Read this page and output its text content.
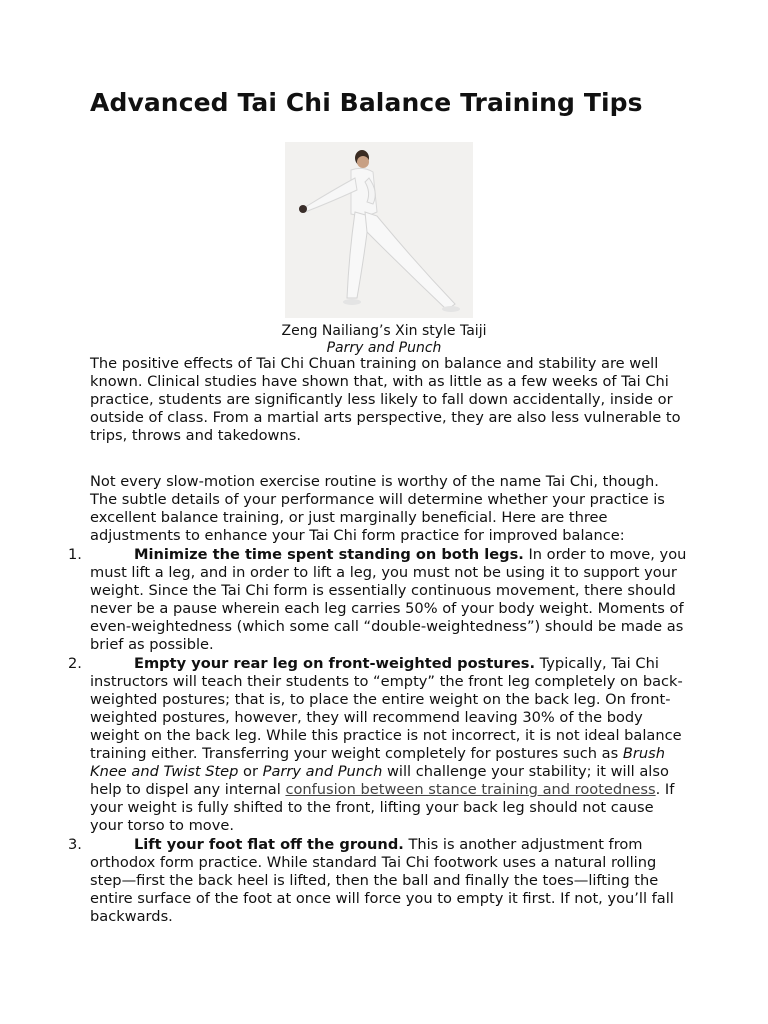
Advanced Tai Chi Balance Training Tips
Zeng Nailiang’s Xin style Taiji
Parry and Punch
The positive effects of Tai Chi Chuan training on balance and stability are well known. Clinical studies have shown that, with as little as a few weeks of Tai Chi practice, students are significantly less likely to fall down accidentally, inside or outside of class. From a martial arts perspective, they are also less vulnerable to trips, throws and takedowns.
Not every slow-motion exercise routine is worthy of the name Tai Chi, though. The subtle details of your performance will determine whether your practice is excellent balance training, or just marginally beneficial. Here are three adjustments to enhance your Tai Chi form practice for improved balance:
1.	Minimize the time spent standing on both legs. In order to move, you must lift a leg, and in order to lift a leg, you must not be using it to support your weight. Since the Tai Chi form is essentially continuous movement, there should never be a pause wherein each leg carries 50% of your body weight. Moments of even-weightedness (which some call “double-weightedness”) should be made as brief as possible.
2.	Empty your rear leg on front-weighted postures. Typically, Tai Chi instructors will teach their students to “empty” the front leg completely on back-weighted postures; that is, to place the entire weight on the back leg. On front-weighted postures, however, they will recommend leaving 30% of the body weight on the back leg. While this practice is not incorrect, it is not ideal balance training either. Transferring your weight completely for postures such as Brush Knee and Twist Step or Parry and Punch will challenge your stability; it will also help to dispel any internal confusion between stance training and rootedness. If your weight is fully shifted to the front, lifting your back leg should not cause your torso to move.
3.	Lift your foot flat off the ground. This is another adjustment from orthodox form practice. While standard Tai Chi footwork uses a natural rolling step—first the back heel is lifted, then the ball and finally the toes—lifting the entire surface of the foot at once will force you to empty it first. If not, you’ll fall backwards.
